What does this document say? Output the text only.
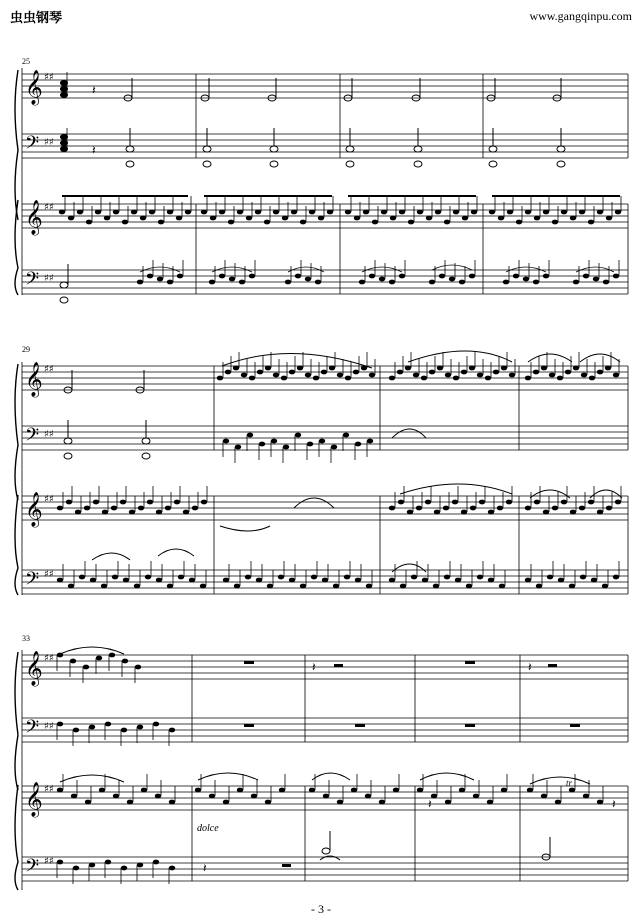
虫虫钢琴	www.gangqinpu.com
25
𝄞
𝄢
𝄞
𝄢
♯♯
♯♯
♯♯
♯♯
𝄽
𝄽
29
𝄞
𝄢
𝄞
𝄢
♯♯
♯♯
♯♯
♯♯
33
𝄞
𝄢
𝄞
𝄢
♯♯
♯♯
♯♯
♯♯
𝄽	𝄽
𝄽	𝄽
𝄽
dolce
tr
- 3 -
